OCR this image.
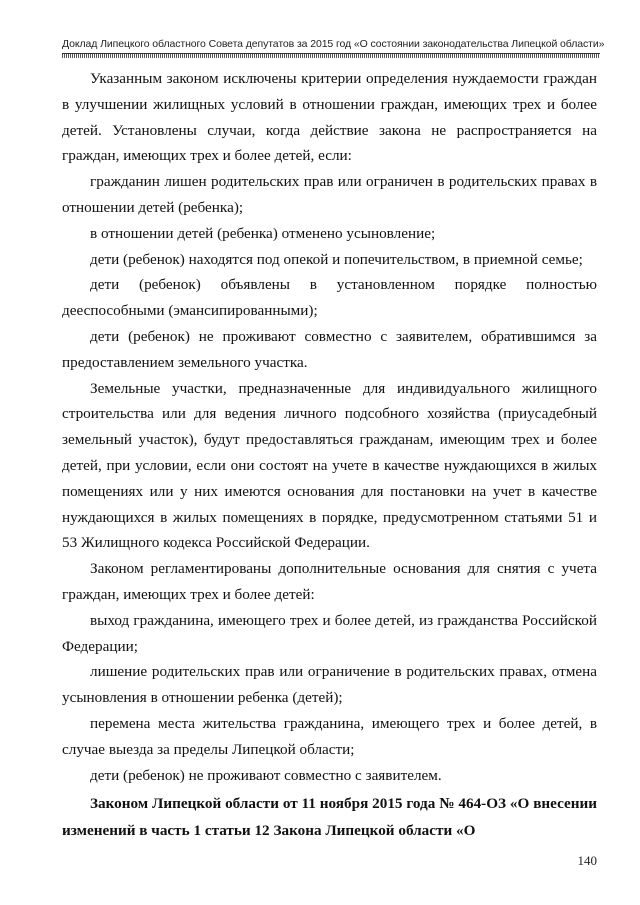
Доклад Липецкого областного Совета депутатов за 2015 год «О состоянии законодательства Липецкой области»

Указанным законом исключены критерии определения нуждаемости граждан в улучшении жилищных условий в отношении граждан, имеющих трех и более детей. Установлены случаи, когда действие закона не распространяется на граждан, имеющих трех и более детей, если:

гражданин лишен родительских прав или ограничен в родительских правах в отношении детей (ребенка);

в отношении детей (ребенка) отменено усыновление;

дети (ребенок) находятся под опекой и попечительством, в приемной семье;

дети (ребенок) объявлены в установленном порядке полностью дееспособными (эмансипированными);

дети (ребенок) не проживают совместно с заявителем, обратившимся за предоставлением земельного участка.

Земельные участки, предназначенные для индивидуального жилищного строительства или для ведения личного подсобного хозяйства (приусадебный земельный участок), будут предоставляться гражданам, имеющим трех и более детей, при условии, если они состоят на учете в качестве нуждающихся в жилых помещениях или у них имеются основания для постановки на учет в качестве нуждающихся в жилых помещениях в порядке, предусмотренном статьями 51 и 53 Жилищного кодекса Российской Федерации.

Законом регламентированы дополнительные основания для снятия с учета граждан, имеющих трех и более детей:

выход гражданина, имеющего трех и более детей, из гражданства Российской Федерации;

лишение родительских прав или ограничение в родительских правах, отмена усыновления в отношении ребенка (детей);

перемена места жительства гражданина, имеющего трех и более детей, в случае выезда за пределы Липецкой области;

дети (ребенок) не проживают совместно с заявителем.

Законом Липецкой области от 11 ноября 2015 года № 464-ОЗ «О внесении изменений в часть 1 статьи 12 Закона Липецкой области «О

140
